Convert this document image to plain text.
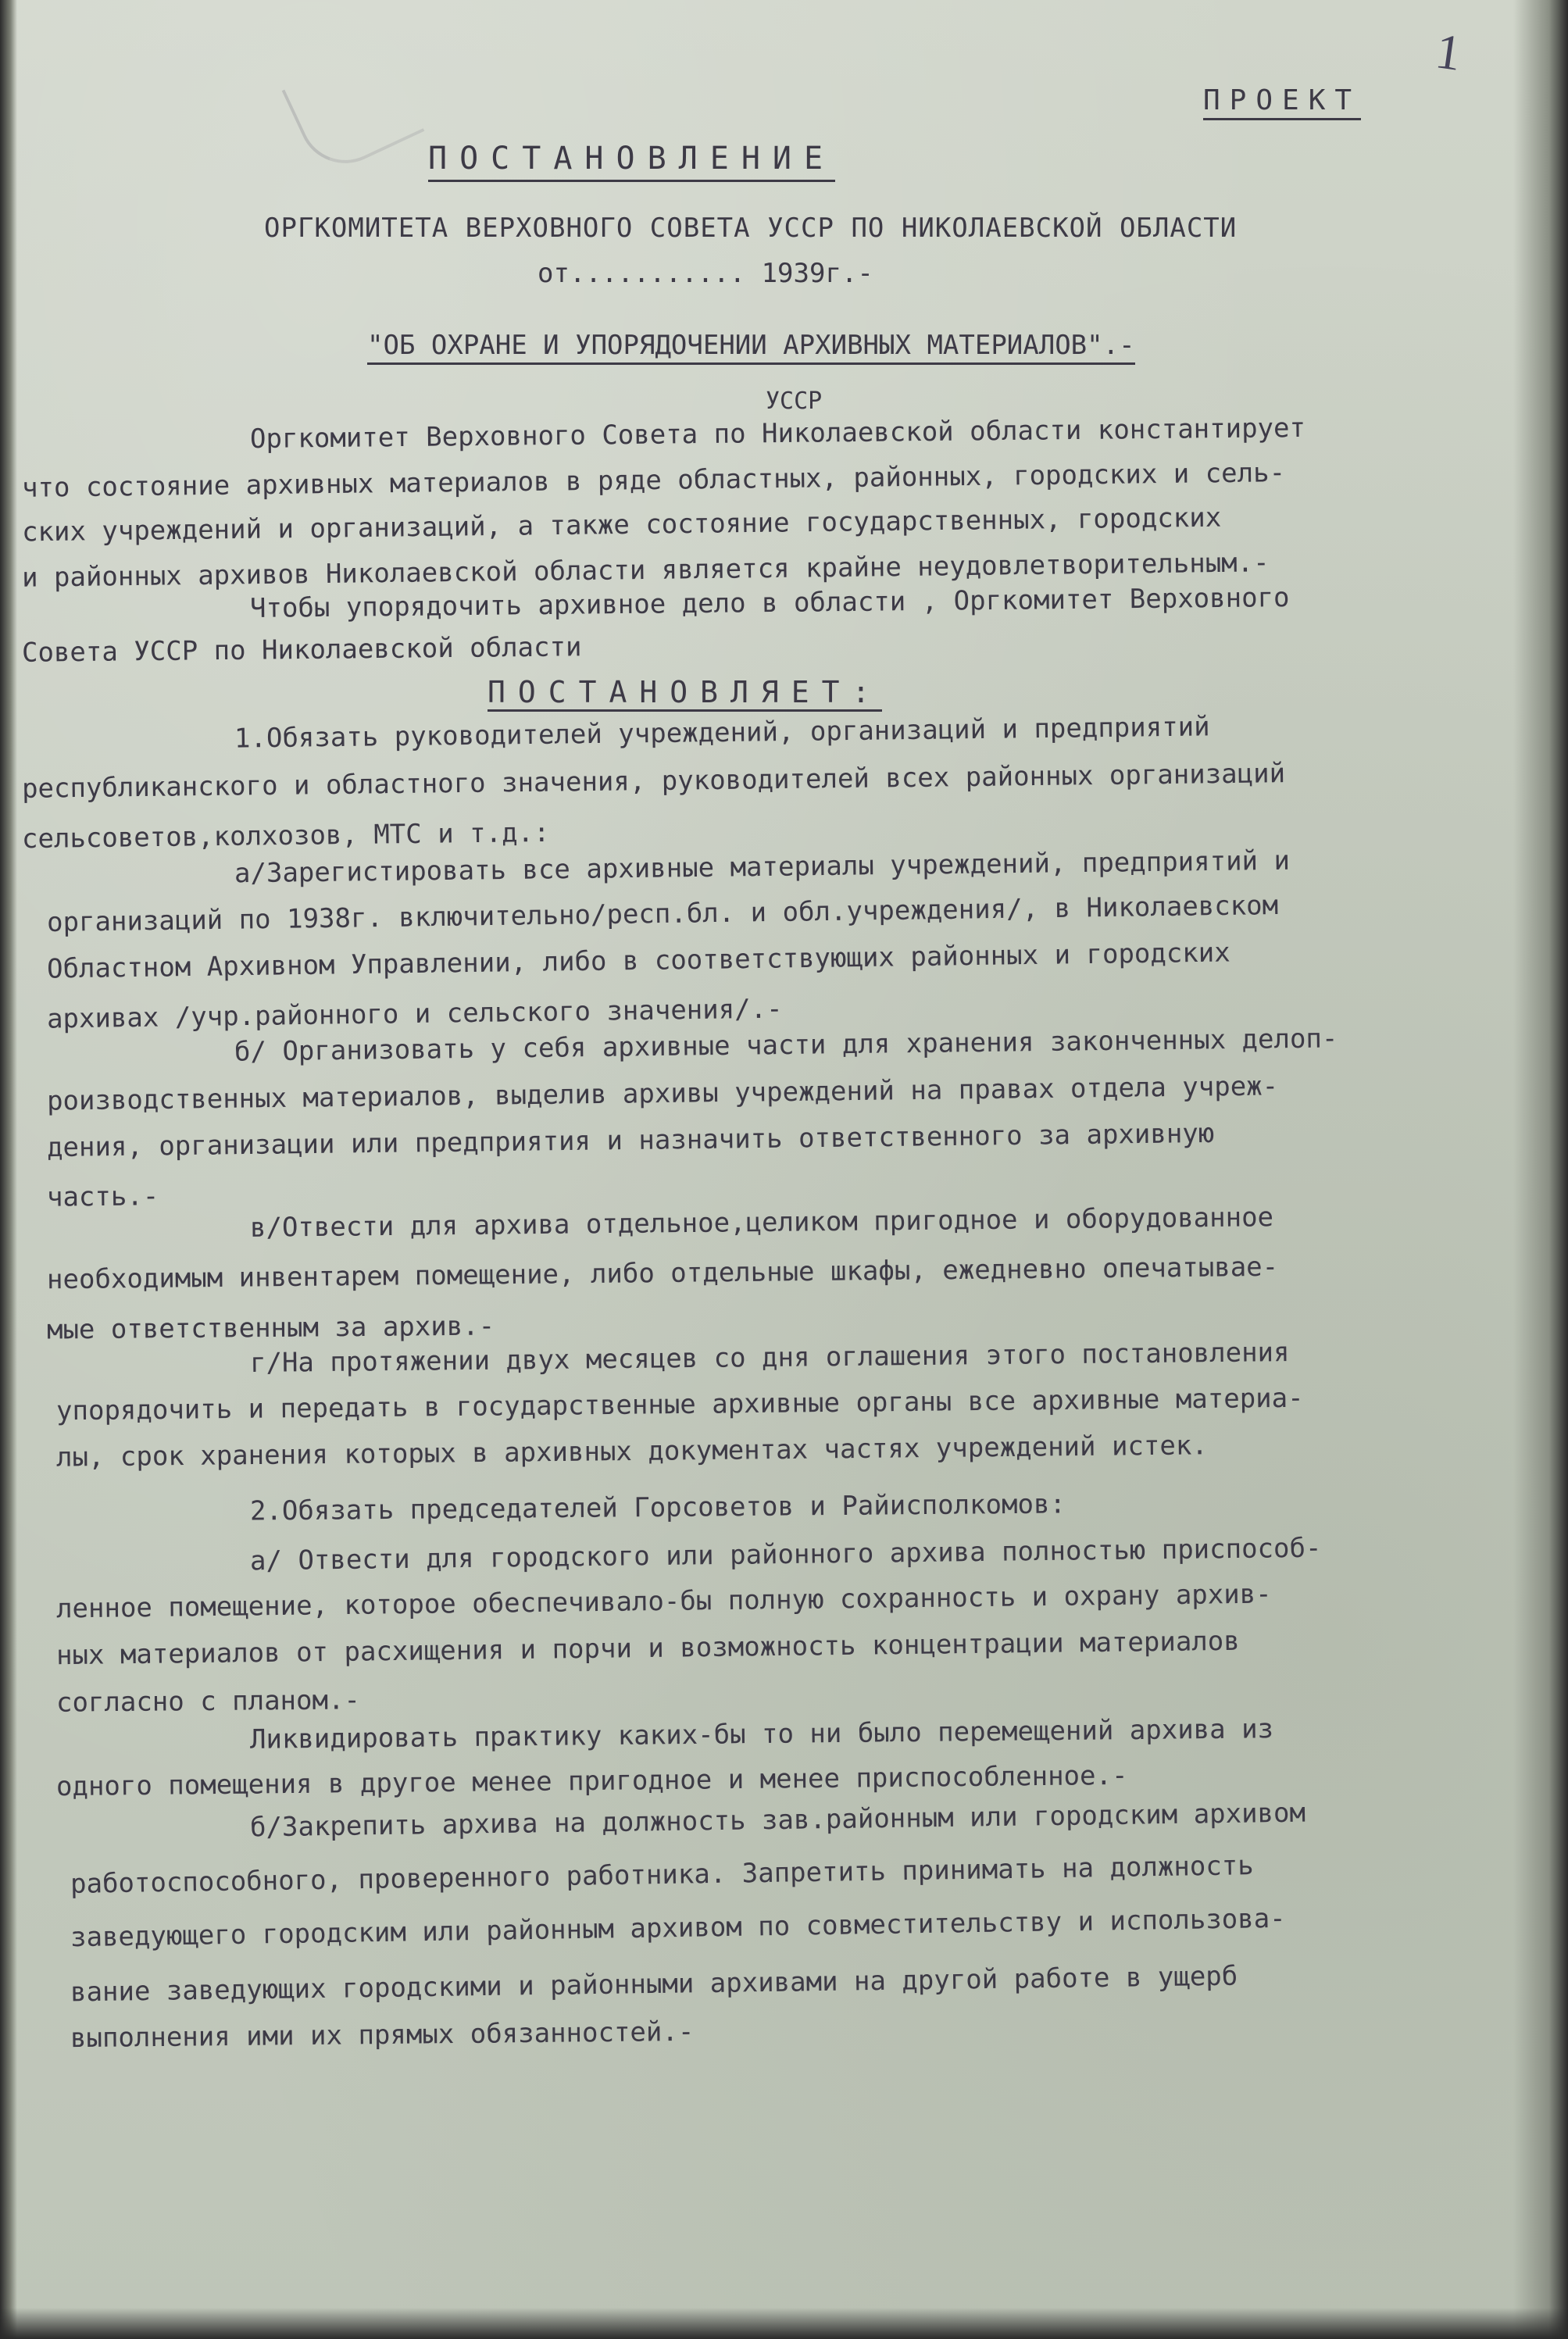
1
ПРОЕКТ
ПОСТАНОВЛЕНИЕ
ОРГКОМИТЕТА ВЕРХОВНОГО СОВЕТА УССР ПО НИКОЛАЕВСКОЙ ОБЛАСТИ
от........... 1939г.-
"ОБ ОХРАНЕ И УПОРЯДОЧЕНИИ АРХИВНЫХ МАТЕРИАЛОВ".-
УССР
Оргкомитет Верховного Совета по Николаевской области константирует
что состояние архивных материалов в ряде областных, районных, городских и сель-
ских учреждений и организаций, а также состояние государственных, городских
и районных архивов Николаевской области является крайне неудовлетворительным.-
Чтобы упорядочить архивное дело в области , Оргкомитет Верховного
Совета УССР по Николаевской области
ПОСТАНОВЛЯЕТ:
1.Обязать руководителей учреждений, организаций и предприятий
республиканского и областного значения, руководителей всех районных организаций
сельсоветов,колхозов, МТС и т.д.:
а/Зарегистировать все архивные материалы учреждений, предприятий и
организаций по 1938г. включительно/респ.бл. и обл.учреждения/, в Николаевском
Областном Архивном Управлении, либо в соответствующих районных и городских
архивах /учр.районного и сельского значения/.-
б/ Организовать у себя архивные части для хранения законченных делоп-
роизводственных материалов, выделив архивы учреждений на правах отдела учреж-
дения, организации или предприятия и назначить ответственного за архивную
часть.-
в/Отвести для архива отдельное,целиком пригодное и оборудованное
необходимым инвентарем помещение, либо отдельные шкафы, ежедневно опечатывае-
мые ответственным за архив.-
г/На протяжении двух месяцев со дня оглашения этого постановления
упорядочить и передать в государственные архивные органы все архивные материа-
лы, срок хранения которых в архивных документах частях учреждений истек.
2.Обязать председателей Горсоветов и Райисполкомов:
а/ Отвести для городского или районного архива полностью приспособ-
ленное помещение, которое обеспечивало-бы полную сохранность и охрану архив-
ных материалов от расхищения и порчи и возможность концентрации материалов
согласно с планом.-
Ликвидировать практику каких-бы то ни было перемещений архива из
одного помещения в другое менее пригодное и менее приспособленное.-
б/Закрепить архива на должность зав.районным или городским архивом
работоспособного, проверенного работника. Запретить принимать на должность
заведующего городским или районным архивом по совместительству и использова-
вание заведующих городскими и районными архивами на другой работе в ущерб
выполнения ими их прямых обязанностей.-
